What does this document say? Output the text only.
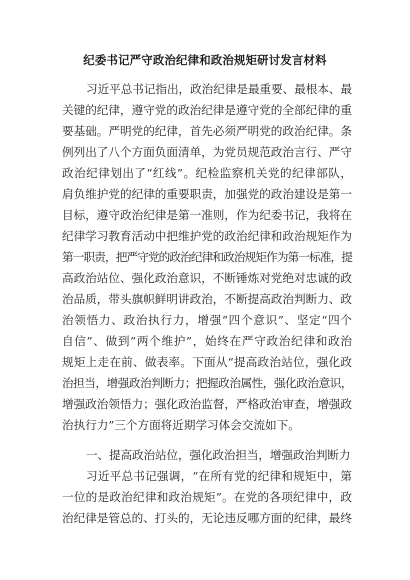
纪委书记严守政治纪律和政治规矩研讨发言材料
习近平总书记指出，政治纪律是最重要、最根本、最
关键的纪律，遵守党的政治纪律是遵守党的全部纪律的重
要基础。严明党的纪律，首先必须严明党的政治纪律。条
例列出了八个方面负面清单，为党员规范政治言行、严守
政治纪律划出了“红线”。纪检监察机关党的纪律部队，
肩负维护党的纪律的重要职责，加强党的政治建设是第一
目标，遵守政治纪律是第一准则，作为纪委书记，我将在
纪律学习教育活动中把维护党的政治纪律和政治规矩作为
第一职责，把严守党的政治纪律和政治规矩作为第一标准，提
高政治站位、强化政治意识，不断锤炼对党绝对忠诚的政
治品质，带头旗帜鲜明讲政治，不断提高政治判断力、政
治领悟力、政治执行力，增强“四个意识”、坚定“四个
自信”、做到“两个维护”，始终在严守政治纪律和政治
规矩上走在前、做表率。下面从“提高政治站位，强化政
治担当，增强政治判断力；把握政治属性，强化政治意识，
增强政治领悟力；强化政治监督，严格政治审查，增强政
治执行力”三个方面将近期学习体会交流如下。
一、提高政治站位，强化政治担当，增强政治判断力
习近平总书记强调，“在所有党的纪律和规矩中，第
一位的是政治纪律和政治规矩”。在党的各项纪律中，政
治纪律是管总的、打头的，无论违反哪方面的纪律，最终
